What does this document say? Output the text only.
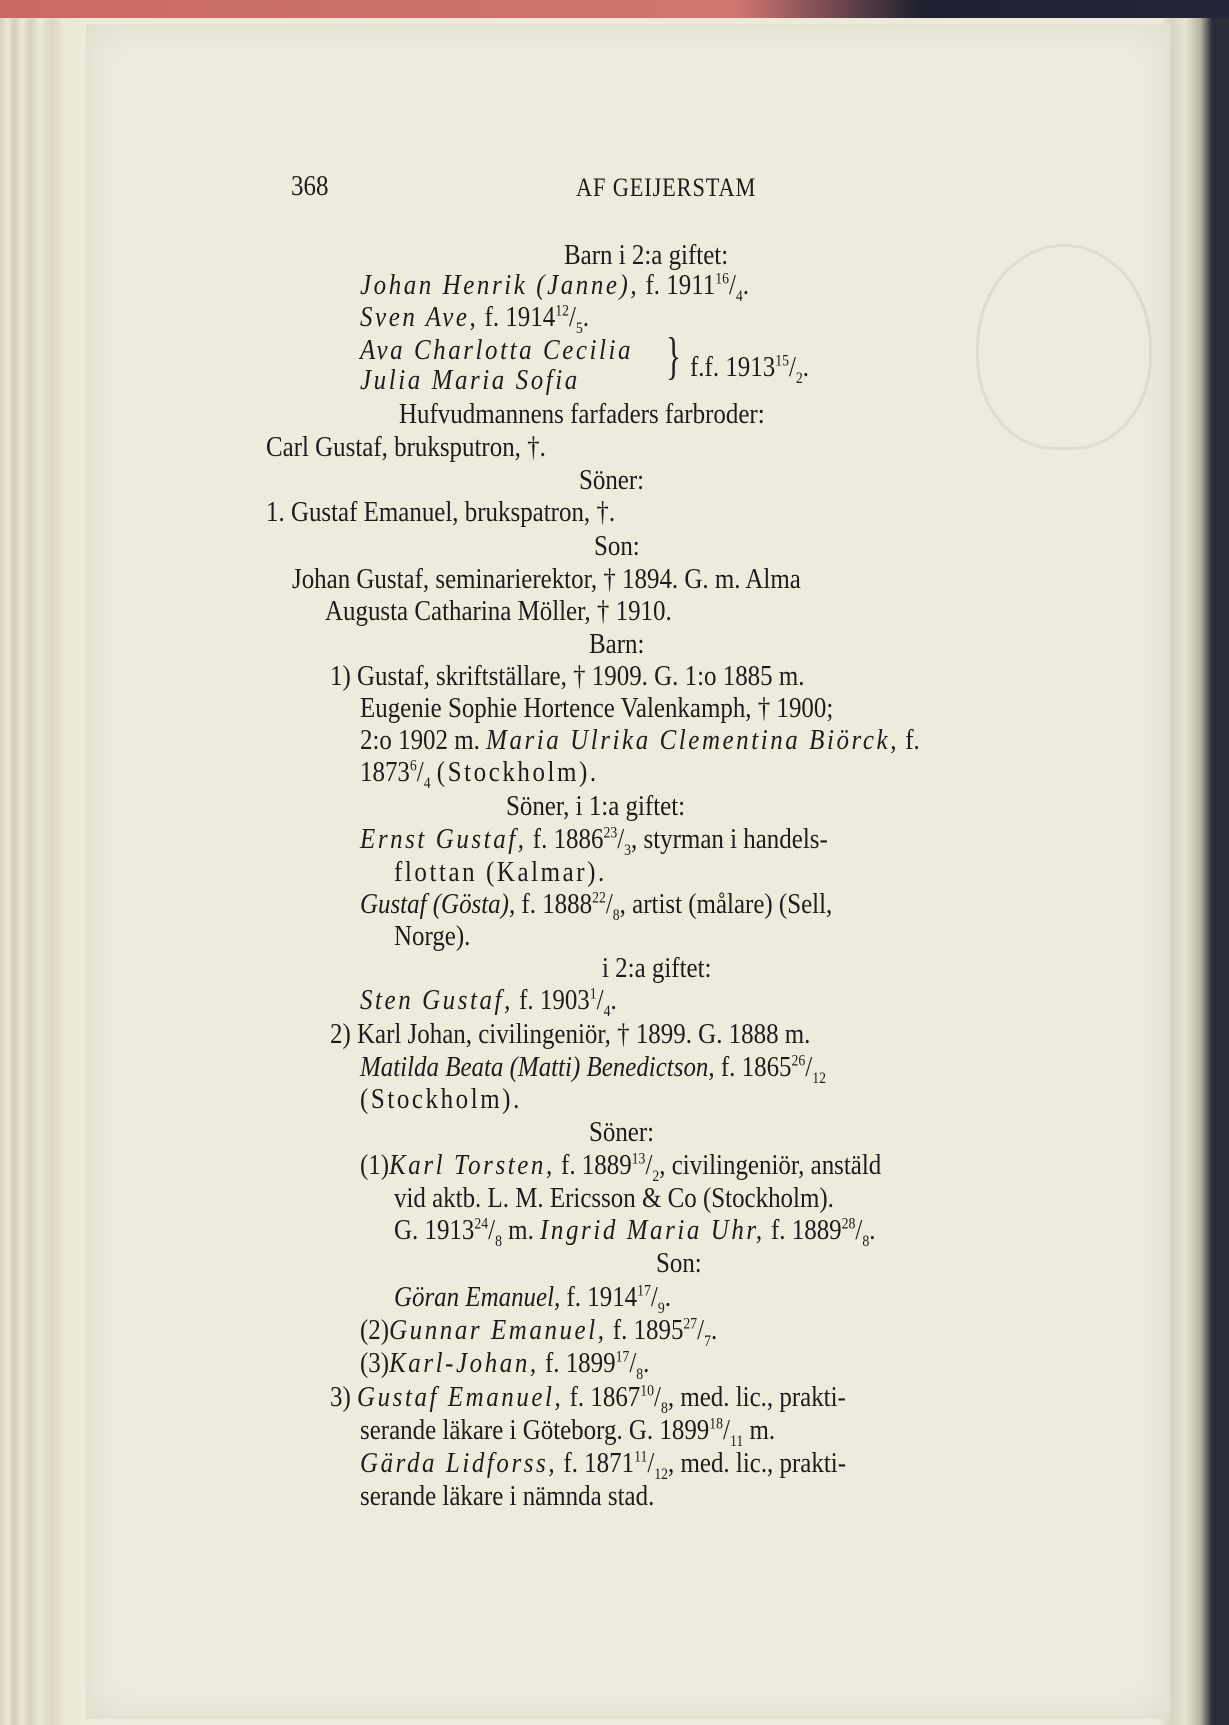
368	AF GEIJERSTAM
Barn i 2:a giftet:
Johan Henrik (Janne), f. $1911^{16}/_4$.
Sven Ave, f. $1914^{12}/_5$.
Ava Charlotta Cecilia
Julia Maria Sofia } f.f. $1913^{15}/_2$.
Hufvudmannens farfaders farbroder:
Carl Gustaf, bruksputron, †.
Söner:
1. Gustaf Emanuel, brukspatron, †.
Son:
Johan Gustaf, seminarierektor, † 1894. G. m. Alma
Augusta Catharina Möller, † 1910.
Barn:
1) Gustaf, skriftställare, † 1909. G. 1:o 1885 m.
Eugenie Sophie Hortence Valenkamph, † 1900;
2:o 1902 m. Maria Ulrika Clementina Biörck, f.
$1873^6/_4$ (Stockholm).
Söner, i 1:a giftet:
Ernst Gustaf, f. $1886^{23}/_3$, styrman i handels-
flottan (Kalmar).
Gustaf (Gösta), f. $1888^{22}/_8$, artist (målare) (Sell,
Norge).
i 2:a giftet:
Sten Gustaf, f. $1903^1/_4$.
2) Karl Johan, civilingeniör, † 1899. G. 1888 m.
Matilda Beata (Matti) Benedictson, f. $1865^{26}/_{12}$
(Stockholm).
Söner:
(1)Karl Torsten, f. $1889^{13}/_2$, civilingeniör, anstäld
vid aktb. L. M. Ericsson & Co (Stockholm).
G. $1913^{24}/_8$ m. Ingrid Maria Uhr, f. $1889^{28}/_8$.
Son:
Göran Emanuel, f. $1914^{17}/_9$.
(2)Gunnar Emanuel, f. $1895^{27}/_7$.
(3)Karl-Johan, f. $1899^{17}/_8$.
3) Gustaf Emanuel, f. $1867^{10}/_8$, med. lic., prakti-
serande läkare i Göteborg. G. $1899^{18}/_{11}$ m.
Gärda Lidforss, f. $1871^{11}/_{12}$, med. lic., prakti-
serande läkare i nämnda stad.
